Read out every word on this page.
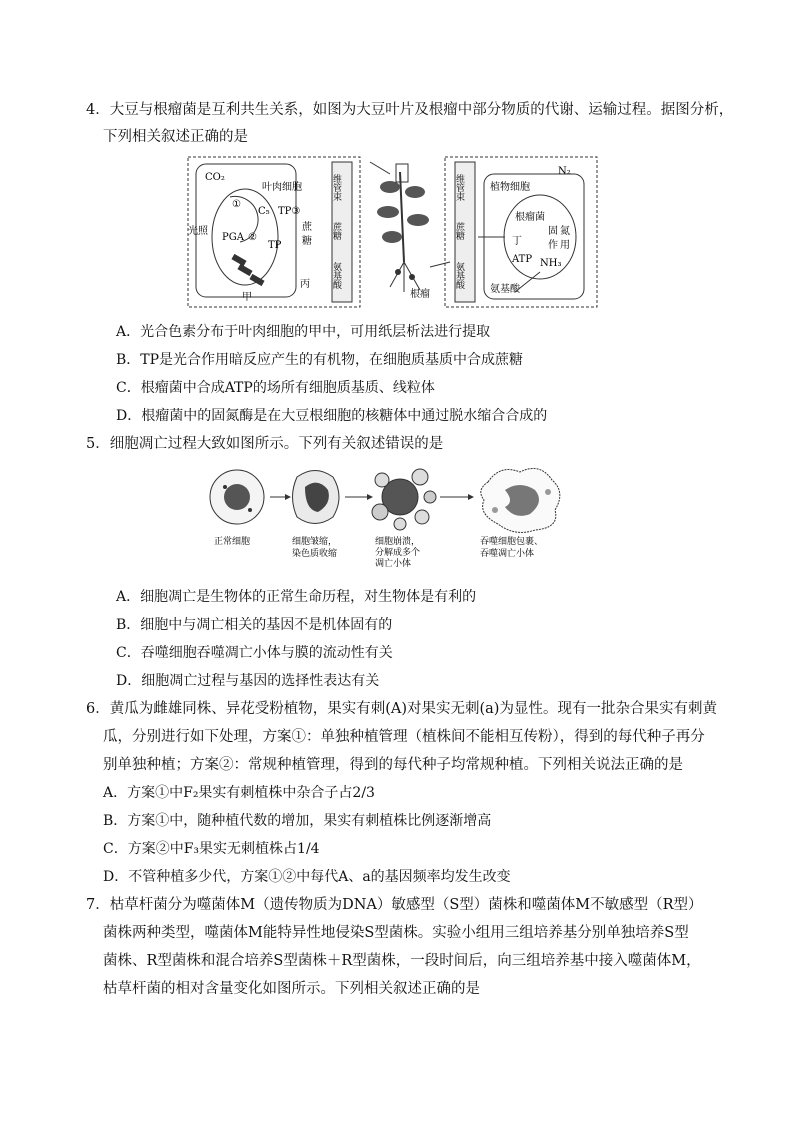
4．大豆与根瘤菌是互利共生关系，如图为大豆叶片及根瘤中部分物质的代谢、运输过程。据图分析，
下列相关叙述正确的是
CO₂
①
C₅
PGA ②
TP
光照
甲
叶肉细胞
TP③
蔗
糖
丙
维管束
蔗糖
氨基酸
根瘤
维管束
蔗糖
氨基酸
植物细胞
N₂
根瘤菌
固 氮
作 用
丁
ATP NH₃
氨基酸
A．光合色素分布于叶肉细胞的甲中，可用纸层析法进行提取
B．TP是光合作用暗反应产生的有机物，在细胞质基质中合成蔗糖
C．根瘤菌中合成ATP的场所有细胞质基质、线粒体
D．根瘤菌中的固氮酶是在大豆根细胞的核糖体中通过脱水缩合合成的
5．细胞凋亡过程大致如图所示。下列有关叙述错误的是
正常细胞	细胞皱缩，
染色质收缩
细胞崩溃，
分解成多个
凋亡小体
吞噬细胞包裹、
吞噬凋亡小体
A．细胞凋亡是生物体的正常生命历程，对生物体是有利的
B．细胞中与凋亡相关的基因不是机体固有的
C．吞噬细胞吞噬凋亡小体与膜的流动性有关
D．细胞凋亡过程与基因的选择性表达有关
6．黄瓜为雌雄同株、异花受粉植物，果实有刺(A)对果实无刺(a)为显性。现有一批杂合果实有刺黄
瓜，分别进行如下处理，方案①：单独种植管理（植株间不能相互传粉），得到的每代种子再分
别单独种植；方案②：常规种植管理，得到的每代种子均常规种植。下列相关说法正确的是
A．方案①中F₂果实有刺植株中杂合子占2/3
B．方案①中，随种植代数的增加，果实有刺植株比例逐渐增高
C．方案②中F₃果实无刺植株占1/4
D．不管种植多少代，方案①②中每代A、a的基因频率均发生改变
7．枯草杆菌分为噬菌体M（遗传物质为DNA）敏感型（S型）菌株和噬菌体M不敏感型（R型）
菌株两种类型，噬菌体M能特异性地侵染S型菌株。实验小组用三组培养基分别单独培养S型
菌株、R型菌株和混合培养S型菌株＋R型菌株，一段时间后，向三组培养基中接入噬菌体M，
枯草杆菌的相对含量变化如图所示。下列相关叙述正确的是
